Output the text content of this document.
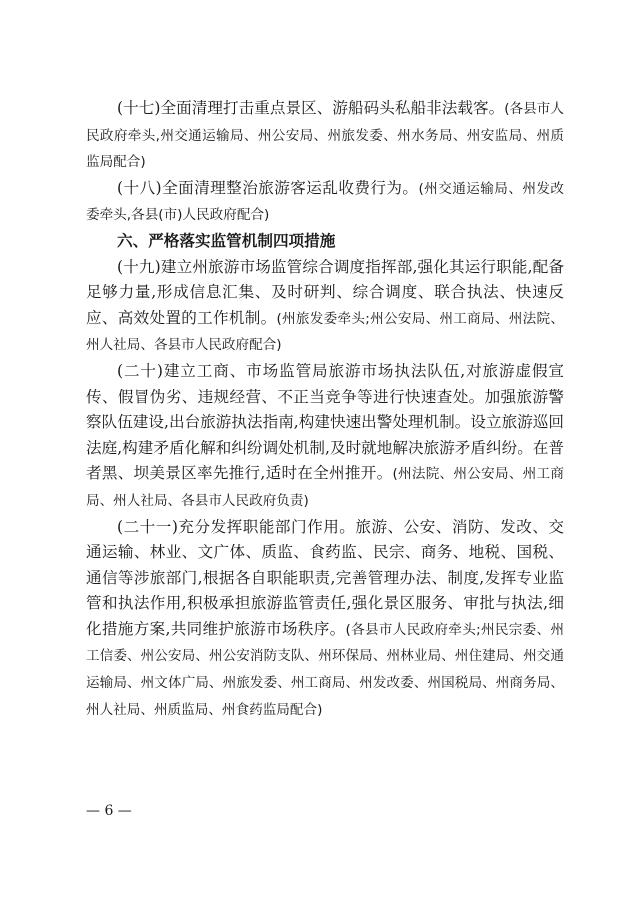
(十七)全面清理打击重点景区、游船码头私船非法载客。(各县市人民政府牵头,州交通运输局、州公安局、州旅发委、州水务局、州安监局、州质监局配合)

(十八)全面清理整治旅游客运乱收费行为。(州交通运输局、州发改委牵头,各县(市)人民政府配合)

六、严格落实监管机制四项措施

(十九)建立州旅游市场监管综合调度指挥部,强化其运行职能,配备足够力量,形成信息汇集、及时研判、综合调度、联合执法、快速反应、高效处置的工作机制。(州旅发委牵头;州公安局、州工商局、州法院、州人社局、各县市人民政府配合)

(二十)建立工商、市场监管局旅游市场执法队伍,对旅游虚假宣传、假冒伪劣、违规经营、不正当竞争等进行快速查处。加强旅游警察队伍建设,出台旅游执法指南,构建快速出警处理机制。设立旅游巡回法庭,构建矛盾化解和纠纷调处机制,及时就地解决旅游矛盾纠纷。在普者黑、坝美景区率先推行,适时在全州推开。(州法院、州公安局、州工商局、州人社局、各县市人民政府负责)

(二十一)充分发挥职能部门作用。旅游、公安、消防、发改、交通运输、林业、文广体、质监、食药监、民宗、商务、地税、国税、通信等涉旅部门,根据各自职能职责,完善管理办法、制度,发挥专业监管和执法作用,积极承担旅游监管责任,强化景区服务、审批与执法,细化措施方案,共同维护旅游市场秩序。(各县市人民政府牵头;州民宗委、州工信委、州公安局、州公安消防支队、州环保局、州林业局、州住建局、州交通运输局、州文体广局、州旅发委、州工商局、州发改委、州国税局、州商务局、州人社局、州质监局、州食药监局配合)

— 6 —
